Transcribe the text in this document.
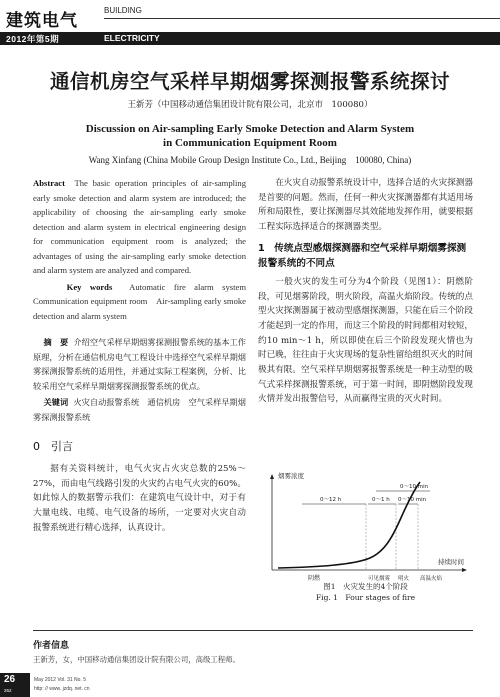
建筑电气
BUILDING
2012年第5期	ELECTRICITY
通信机房空气采样早期烟雾探测报警系统探讨
王新芳（中国移动通信集团设计院有限公司，北京市　100080）
Discussion on Air-sampling Early Smoke Detection and Alarm System
in Communication Equipment Room
Wang Xinfang (China Mobile Group Design Institute Co., Ltd., Beijing　100080, China)

Abstract The basic operation principles of air-sampling early smoke detection and alarm system are introduced; the applicability of choosing the air-sampling early smoke detection and alarm system in electrical engineering design for communication equipment room is analyzed; the advantages of using the air-sampling early smoke detection and alarm system are analyzed and compared.

Key words Automatic fire alarm system　Communication equipment room　Air-sampling early smoke detection and alarm system

摘　要 介绍空气采样早期烟雾探测报警系统的基本工作原理，分析在通信机房电气工程设计中选择空气采样早期烟雾探测报警系统的适用性，并通过实际工程案例，分析、比较采用空气采样早期烟雾探测报警系统的优点。

关键词 火灾自动报警系统　通信机房　空气采样早期烟雾探测报警系统

0　引言

据有关资料统计，电气火灾占火灾总数的25%～27%，而由电气线路引发的火灾约占电气火灾的60%。如此惊人的数据警示我们：在建筑电气设计中，对于有大量电线、电缆、电气设备的场所，一定要对火灾自动报警系统进行精心选择，认真设计。

在火灾自动报警系统设计中，选择合适的火灾探测器是首要的问题。然而，任何一种火灾探测器都有其适用场所和局限性，要让探测器尽其效能地发挥作用，就要根据工程实际选择适合的探测器类型。

1　传统点型感烟探测器和空气采样早期烟雾探测报警系统的不同点

一般火灾的发生可分为4个阶段（见图1）：阴燃阶段，可见烟雾阶段，明火阶段，高温火焰阶段。传统的点型火灾探测器属于被动型感烟探测器，只能在后三个阶段才能起到一定的作用，而这三个阶段的时间都相对较短，约10 min～1 h，所以即使在后三个阶段发现火情也为时已晚，往往由于火灾现场的复杂性留给组织灭火的时间极其有限。空气采样早期烟雾报警系统是一种主动型的吸气式采样探测报警系统，可于第一时间，即阴燃阶段发现火情并发出报警信号，从而赢得宝贵的灭火时间。

烟雾浓度
持续时间
0～10 min
0～12 h	0～1 h 0～10 min
阴燃	可见烟雾 明火 高温火焰
图1　火灾发生的4个阶段
Fig. 1　Four stages of fire
作者信息
王新芳，女，中国移动通信集团设计院有限公司，高级工程师。
26
262
May 2012 Vol. 31 No. 5
http: // www. jzdq. net. cn
